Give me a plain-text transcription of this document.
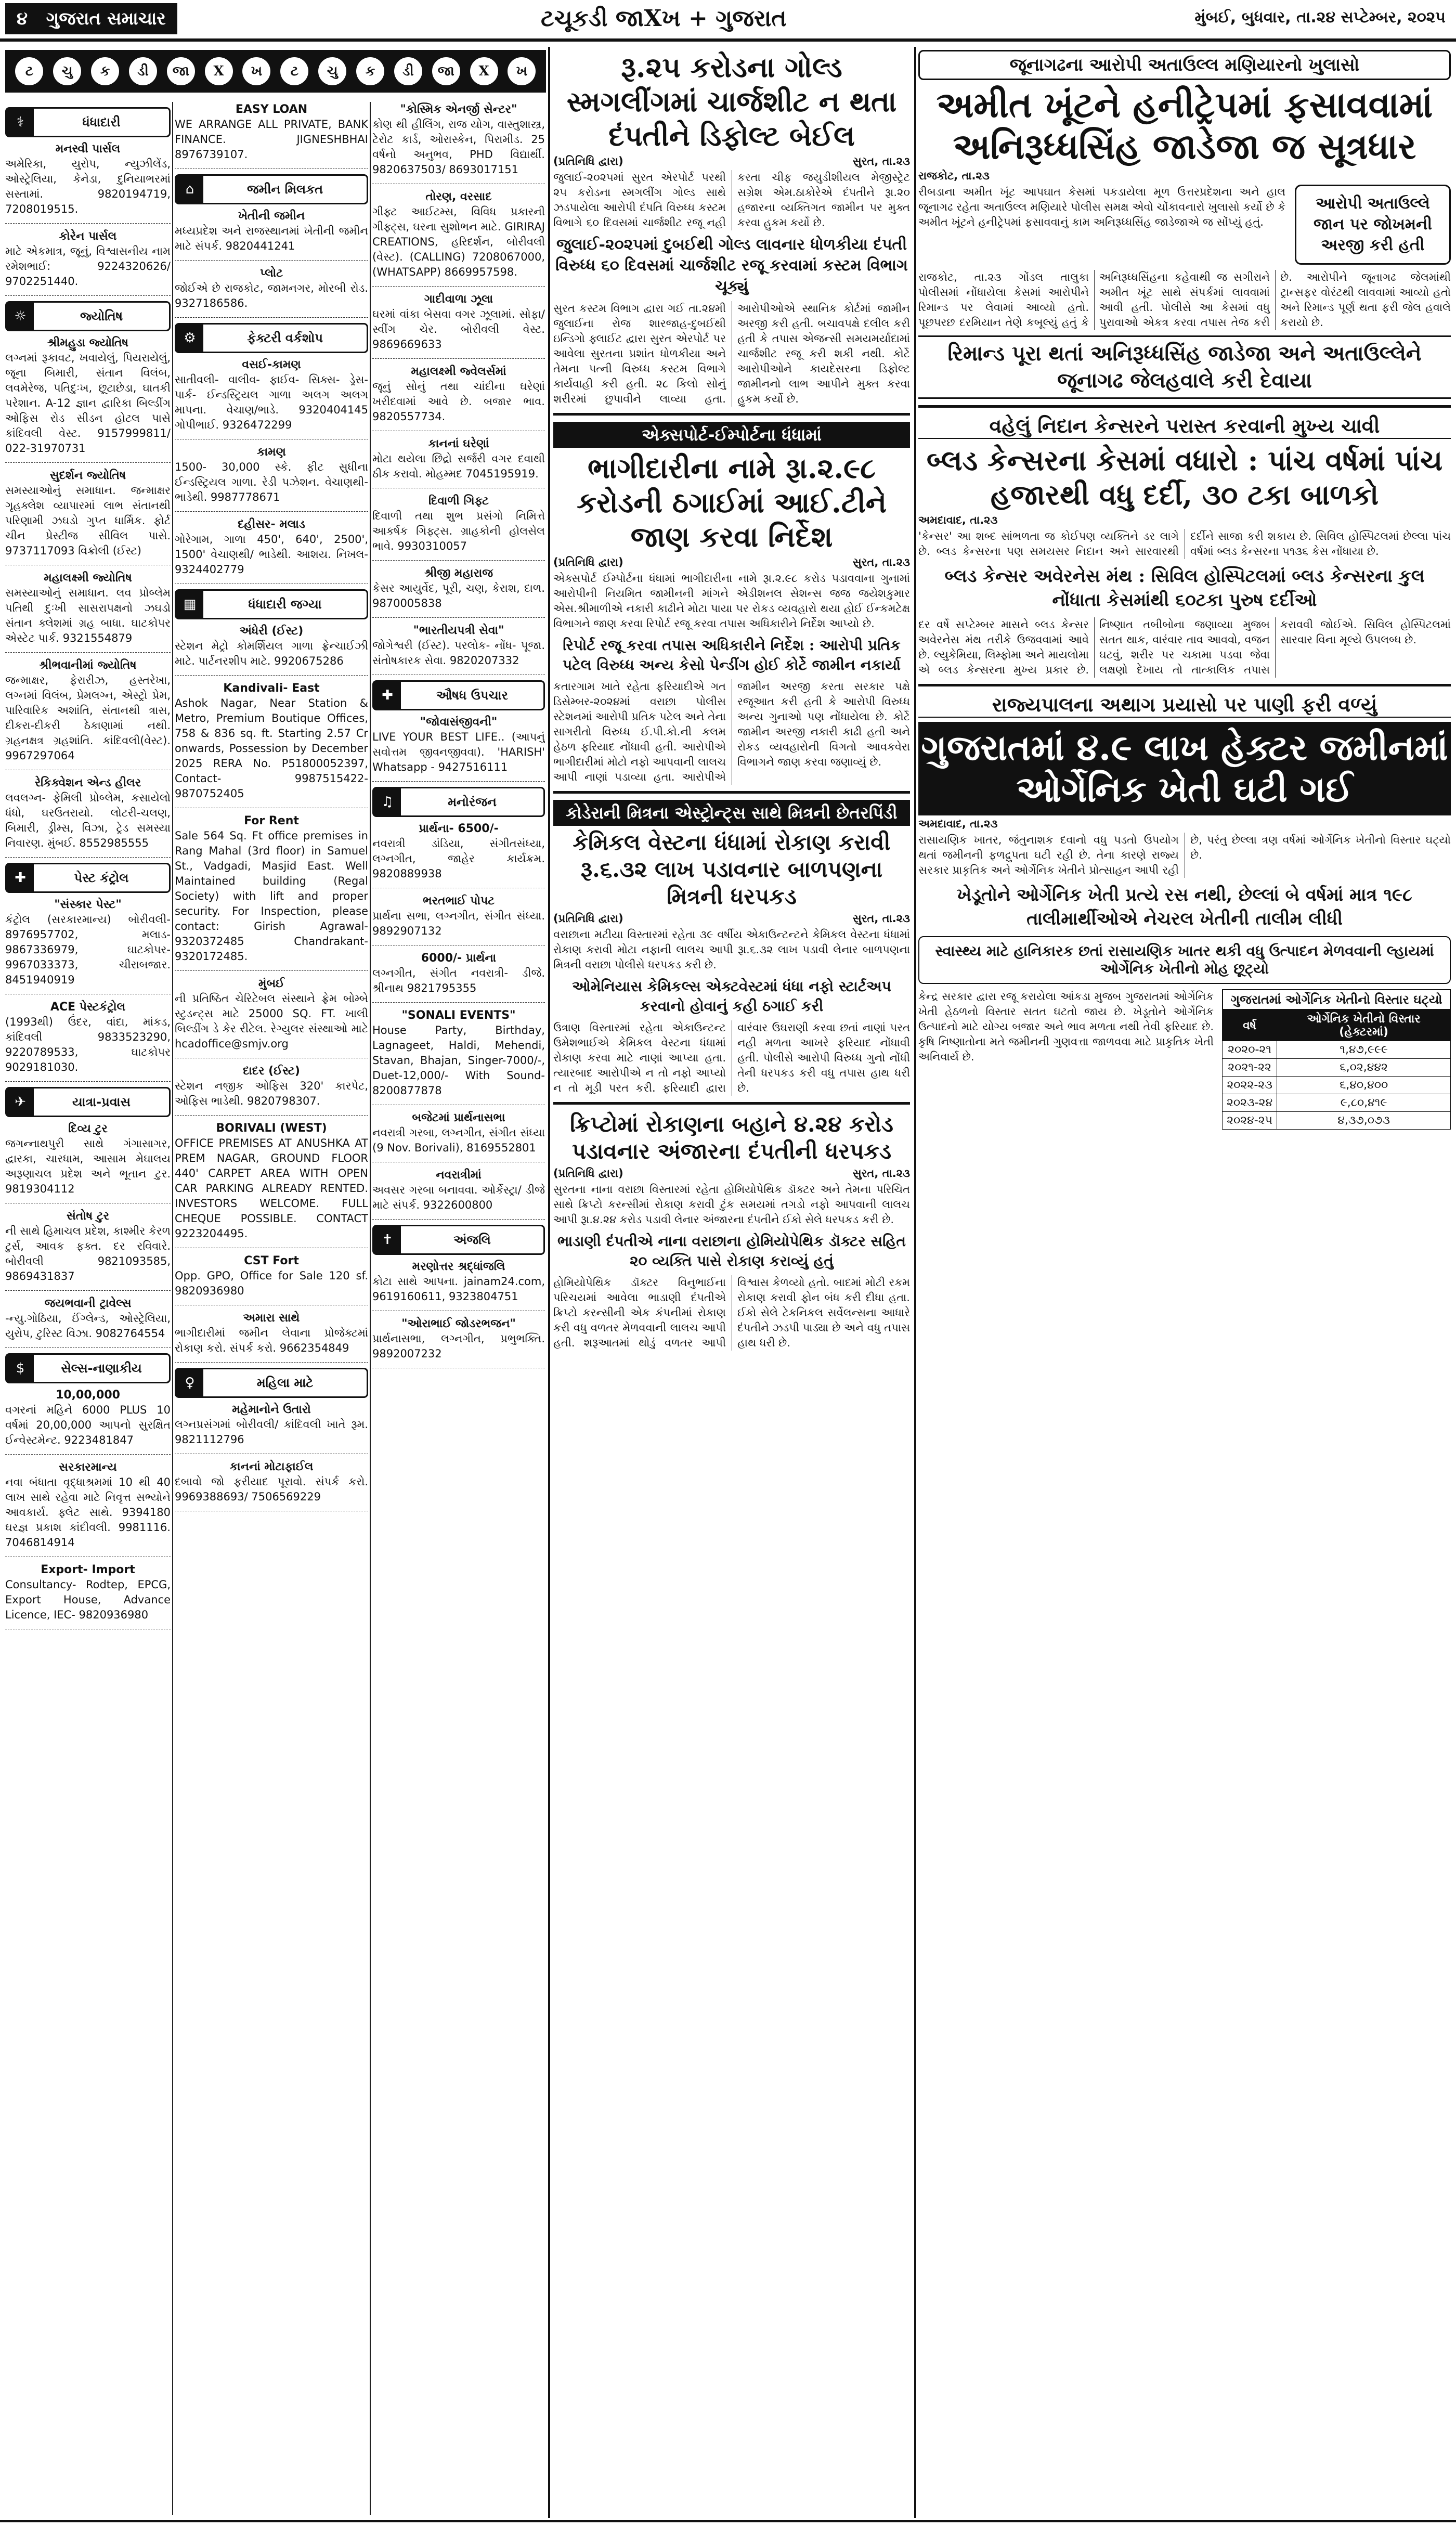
૪ ગુજરાત સમાચાર	ટચૂકડી જાXખ + ગુજરાત	મુંબઈ, બુધવાર, તા.૨૪ સપ્ટેમ્બર, ૨૦૨૫
ટ	ચુ	ક	ડી	જા	X	ખ	ટ	ચુ	ક	ડી	જા	X	ખ
⚕	ધંધાદારી
મનસ્વી પાર્સલ
અમેરિકા, યુરોપ, ન્યુઝીલેંડ, ઓસ્ટ્રેલિયા, કેનેડા, દુનિયાભરમાં સસ્તામાં. 9820194719, 7208019515.
કોરેન પાર્સલ
માટે એકમાત્ર, જૂનું, વિશ્વાસનીય નામ રમેશભાઈ: 9224320626/ 9702251440.
☼	જ્યોતિષ
શ્રીમહુડા જ્યોતિષ
લગ્નમાં રૂકાવટ, ખવાયેલું, પિયરાયેલું, જૂના બિમારી, સંતાન વિલંબ, લવમેરેજ, પતિદુઃખ, છૂટાછેડા, ઘાતકી પરેશાન. A-12 જ્ઞાન દ્વારિકા બિલ્ડીંગ ઓફિસ રોડ સીડન હોટલ પાસે કાંદિવલી વેસ્ટ. 9157999811/ 022-31970731
સુદર્શન જ્યોતિષ
સમસ્યાઓનું સમાધાન. જન્માક્ષર ગૃહક્લેશ વ્યાપારમાં લાભ સંતાનથી પરિણામી ઝઘડો ગુપ્ત ધાર્મિક. ફોર્ટ ચીન પ્રેસ્ટીજ સીવિલ પાસે. 9737117093 વિક્રોલી (ઈસ્ટ)
મહાલક્ષ્મી જ્યોતિષ
સમસ્યાઓનું સમાધાન. લવ પ્રોબ્લેમ પતિથી દુઃખી સાસરાપક્ષનો ઝઘડો સંતાન ક્લેશમાં ગ્રહ બાધા. ઘાટકોપર એસ્ટેટ પાર્ક. 9321554879
શ્રીભવાનીમાં જ્યોતિષ
જન્માક્ષર, ફેરારીઝ, હસ્તરેખા, લગ્નમાં વિલંબ, પ્રેમલગ્ન, એસ્ટ્રો પ્રેમ, પારિવારિક અશાંતિ, સંતાનથી ત્રાસ, દીકરા-દીકરી ઠેકાણામાં નથી. ગ્રહનક્ષત્ર ગ્રહશાંતિ. કાંદિવલી(વેસ્ટ). 9967297064
રેકિક્વેશન એન્ડ હીલર
લવલગ્ન- ફેમિલી પ્રોબ્લેમ, કસાયેલો ધંધો, ઘરઉતરાયો. લોટરી-ચલણ, બિમારી, ડ્રીમ્સ, વિઝા, ટ્રેડ સમસ્યા નિવારણ. મુંબઈ. 8552985555
✚	પેસ્ટ કંટ્રોલ
"સંસ્કાર પેસ્ટ"
કંટ્રોલ (સરકારમાન્ય) બોરીવલી- 8976957702, મલાડ- 9867336979, ઘાટકોપર- 9967033373, ચીરાબજાર. 8451940919
ACE પેસ્ટકંટ્રોલ
(1993થી) ઉંદર, વાંદા, માંકડ, કાંદિવલી 9833523290, 9220789533, ઘાટકોપર 9029181030.
✈	યાત્રા-પ્રવાસ
દિવ્ય ટુર
જગન્નાથપુરી સાથે ગંગાસાગર, દ્વારકા, ચારધામ, આસામ મેઘાલય અરૂણાચલ પ્રદેશ અને ભૂતાન ટુર. 9819304112
સંતોષ ટુર
ની સાથે હિમાચલ પ્રદેશ, કાશ્મીર કેરળ ટુર્સ, આવક ફક્ત. દર રવિવારે. બોરીવલી 9821093585, 9869431837
જયભવાની ટ્રાવેલ્સ
-ન્યુ.ગોઠિયા, ઈંગ્લેન્ડ, ઓસ્ટ્રેલિયા, યુરોપ, ટુરિસ્ટ વિઝા. 9082764554
$	સેલ્સ-નાણાકીય
10,00,000
વગરનાં મહિને 6000 PLUS 10 વર્ષમાં 20,00,000 આપનો સુરક્ષિત ઈન્વેસ્ટમેન્ટ. 9223481847
સરકારમાન્ય
નવા બંધાતા વૃદ્ધાશ્રમમાં 10 થી 40 લાખ સાથે રહેવા માટે નિવૃત્ત સભ્યોને આવકાર્ય. ફ્લેટ સાથે. 9394180 ઘરજ્ઞ પ્રકાશ કાંદીવલી. 9981116. 7046814914
Export- Import
Consultancy- Rodtep, EPCG, Export House, Advance Licence, IEC- 9820936980
EASY LOAN
WE ARRANGE ALL PRIVATE, BANK FINANCE. JIGNESHBHAI 8976739107.
⌂	જમીન મિલકત
ખેતીની જમીન
મધ્યપ્રદેશ અને રાજસ્થાનમાં ખેતીની જમીન માટે સંપર્ક. 9820441241
પ્લોટ
જોઈએ છે રાજકોટ, જામનગર, મોરબી રોડ. 9327186586.
⚙	ફેક્ટરી વર્કશોપ
વસઈ-કામણ
સાતીવલી- વાલીવ- ફાઈવ- સિક્સ- ડ્રેસ- પાર્ક- ઈન્ડસ્ટ્રિયલ ગાળા અલગ અલગ માપના. વેચાણ/ભાડે. 9320404145 ગોપીભાઈ. 9326472299
કામણ
1500- 30,000 સ્કે. ફીટ સુધીના ઈન્ડસ્ટ્રિયલ ગાળા. રેડી પઝેશન. વેચાણથી- ભાડેથી. 9987778671
દહીસર- મલાડ
ગોરેગામ, ગાળા 450', 640', 2500', 1500' વેચાણથી/ ભાડેથી. આશય. નિખલ- 9324402779
▦	ધંધાદારી જગ્યા
અંધેરી (ઈસ્ટ)
સ્ટેશન મેટ્રો કોમર્શિયલ ગાળા ફ્રેન્ચાઈઝી માટે. પાર્ટનરશીપ માટે. 9920675286
Kandivali- East
Ashok Nagar, Near Station & Metro, Premium Boutique Offices, 758 & 836 sq. ft. Starting 2.57 Cr onwards, Possession by December 2025 RERA No. P51800052397, Contact- 9987515422- 9870752405
For Rent
Sale 564 Sq. Ft office premises in Rang Mahal (3rd floor) in Samuel St., Vadgadi, Masjid East. Well Maintained building (Regal Society) with lift and proper security. For Inspection, please contact: Girish Agrawal- 9320372485 Chandrakant- 9320172485.
મુંબઈ
ની પ્રતિષ્ઠિત ચેરિટેબલ સંસ્થાને ફ્રેમ બોમ્બે સ્ટુડન્ટ્સ માટે 25000 SQ. FT. ખાલી બિલ્ડીંગ ડે કેર રીટેલ. રેગ્યુલર સંસ્થાઓ માટે hcadoffice@smjv.org
દાદર (ઈસ્ટ)
સ્ટેશન નજીક ઓફિસ 320' કારપેટ, ઓફિસ ભાડેથી. 9820798307.
BORIVALI (WEST)
OFFICE PREMISES AT ANUSHKA AT PREM NAGAR, GROUND FLOOR 440' CARPET AREA WITH OPEN CAR PARKING ALREADY RENTED. INVESTORS WELCOME. FULL CHEQUE POSSIBLE. CONTACT 9223204495.
CST Fort
Opp. GPO, Office for Sale 120 sf. 9820936980
અમારા સાથે
ભાગીદારીમાં જમીન લેવાના પ્રોજેક્ટમાં રોકાણ કરો. સંપર્ક કરો. 9662354849
♀	મહિલા માટે
મહેમાનોને ઉતારો
લગ્નપ્રસંગમાં બોરીવલી/ કાંદિવલી ખાતે રૂમ. 9821112796
કાનનાં મોટાફાઈલ
દબાવો જો ફરીયાદ પૂરાવો. સંપર્ક કરો. 9969388693/ 7506569229
"કોસ્મિક એનર્જી સેન્ટર"
કોણ થી હીલિંગ, રાજ યોગ, વાસ્તુશાસ્ત્ર, ટેરોટ કાર્ડ, ઓરાસ્કેન, પિરામીડ. 25 વર્ષનો અનુભવ, PHD વિદ્યાર્થી. 9820637503/ 8693017151
તોરણ, વરસાદ
ગીફ્ટ આઈટમ્સ, વિવિધ પ્રકારની ગીફ્ટ્સ, ઘરના સુશોભન માટે. GIRIRAJ CREATIONS, હરિદર્શન, બોરીવલી (વેસ્ટ). (CALLING) 7208067000, (WHATSAPP) 8669957598.
ગાદીવાળા ઝૂલા
ઘરમાં વાંકા બેસવા વગર ઝૂલામાં. સોફા/ સ્વીંગ ચેર. બોરીવલી વેસ્ટ. 9869669633
મહાલક્ષ્મી જ્વેલર્સમાં
જૂનું સોનું તથા ચાંદીના ઘરેણાં ખરીદવામાં આવે છે. બજાર ભાવ. 9820557734.
કાનનાં ઘરેણાં
મોટા થયેલા છિદ્રો સર્જરી વગર દવાથી ઠીક કરાવો. મોહમ્મદ 7045195919.
દિવાળી ગિફ્ટ
દિવાળી તથા શુભ પ્રસંગો નિમિત્તે આકર્ષક ગિફ્ટ્સ. ગ્રાહકોની હોલસેલ ભાવે. 9930310057
શ્રીજી મહારાજ
કેસર આયુર્વેદ, પૂરી, ચણ, કેરાશ, દાળ. 9870005838
"ભારતીયપત્રી સેવા"
જોગેશ્વરી (ઈસ્ટ). પરલોક- નોંધ- પૂજા. સંતોષકારક સેવા. 9820207332
✚	ઔષધ ઉપચાર
"જોવાસંજીવની"
LIVE YOUR BEST LIFE.. (આપનું સવોત્તમ જીવનજીવવા). 'HARISH' Whatsapp - 9427516111
♫	મનોરંજન
પ્રાર્થના- 6500/-
નવરાત્રી ડાંડિયા, સંગીતસંધ્યા, લગ્નગીત, જાહેર કાર્યક્રમ. 9820889938
ભરતભાઈ પોપટ
પ્રાર્થના સભા, લગ્નગીત, સંગીત સંધ્યા. 9892907132
6000/- પ્રાર્થના
લગ્નગીત, સંગીત નવરાત્રી- ડીજે. શ્રીનાથ 9821795355
"SONALI EVENTS"
House Party, Birthday, Lagnageet, Haldi, Mehendi, Stavan, Bhajan, Singer-7000/-, Duet-12,000/- With Sound- 8200877878
બજેટમાં પ્રાર્થનાસભા
નવરાત્રી ગરબા, લગ્નગીત, સંગીત સંધ્યા (9 Nov. Borivali), 8169552801
નવરાત્રીમાં
અવસર ગરબા બનાવવા. ઓર્કેસ્ટ્રા/ ડીજે માટે સંપર્ક. 9322600800
✝	અંજલિ
મરણોત્તર શ્રદ્ધાંજલિ
કોટા સાથે આપના. jainam24.com, 9619160611, 9323804751
"ઓરાભાઈ જોડરભજન"
પ્રાર્થનાસભા, લગ્નગીત, પ્રભુભક્તિ. 9892007232
રૂ.૨૫ કરોડના ગોલ્ડ સ્મગલીંગમાં ચાર્જશીટ ન થતા દંપતીને ડિફોલ્ટ બેઈલ
(પ્રતિનિધિ દ્વારા)	સુરત, તા.૨૩
જુલાઈ-૨૦૨૫માં સુરત એરપોર્ટ પરથી ૨૫ કરોડના સ્મગલીંગ ગોલ્ડ સાથે ઝડપાયેલા આરોપી દંપતિ વિરુધ્ધ કસ્ટમ વિભાગે ૬૦ દિવસમાં ચાર્જશીટ રજૂ નહી કરતા ચીફ જયુડીશીયલ મેજીસ્ટ્રેટ સગ્રેશ એમ.ઠાકોરેએ દંપતીને રૂા.૨૦ હજારના વ્યક્તિગત જામીન પર મુક્ત કરવા હુકમ કર્યો છે.
જુલાઈ-૨૦૨૫માં દુબઈથી ગોલ્ડ લાવનાર ધોળકીયા દંપતી વિરુધ્ધ ૬૦ દિવસમાં ચાર્જશીટ રજૂ કરવામાં કસ્ટમ વિભાગ ચૂક્યું
સુરત કસ્ટમ વિભાગ દ્વારા ગઈ તા.૨૪મી જુલાઈના રોજ શારજાહ-દુબઈથી ઇન્ડિગો ફ્લાઈટ દ્વારા સુરત એરપોર્ટ પર આવેલા સુરતના પ્રશાંત ધોળકીયા અને તેમના પત્ની વિરુધ્ધ કસ્ટમ વિભાગે કાર્યવાહી કરી હતી. ૨૮ કિલો સોનું શરીરમાં છુપાવીને લાવ્યા હતા. આરોપીઓએ સ્થાનિક કોર્ટમાં જામીન અરજી કરી હતી. બચાવપક્ષે દલીલ કરી હતી કે તપાસ એજન્સી સમયમર્યાદામાં ચાર્જશીટ રજૂ કરી શકી નથી. કોર્ટે આરોપીઓને કાયદેસરના ડિફોલ્ટ જામીનનો લાભ આપીને મુક્ત કરવા હુકમ કર્યો છે.
એક્સપોર્ટ-ઈમ્પોર્ટના ધંધામાં
ભાગીદારીના નામે રૂા.૨.૯૮ કરોડની ઠગાઈમાં આઈ.ટીને જાણ કરવા નિર્દેશ
(પ્રતિનિધિ દ્વારા)	સુરત, તા.૨૩
એક્સપોર્ટ ઈમ્પોર્ટના ધંધામાં ભાગીદારીના નામે રૂા.૨.૯૮ કરોડ પડાવવાના ગુનામાં આરોપીની નિયમિત જામીનની માંગને એડીશનલ સેશન્સ જજ જયેશકુમાર એસ.શ્રીમાળીએ નકારી કાઢીને મોટા પાયા પર રોકડ વ્યવહારો થયા હોઈ ઈન્કમટેક્ષ વિભાગને જાણ કરવા રિપોર્ટ રજૂ કરવા તપાસ અધિકારીને નિર્દેશ આપ્યો છે.
રિપોર્ટ રજૂ કરવા તપાસ અધિકારીને નિર્દેશ : આરોપી પ્રતિક પટેલ વિરુધ્ધ અન્ય કેસો પેન્ડીંગ હોઈ કોર્ટે જામીન નકાર્યા
કતારગામ ખાતે રહેતા ફરિયાદીએ ગત ડિસેમ્બર-૨૦૨૪માં વરાછા પોલીસ સ્ટેશનમાં આરોપી પ્રતિક પટેલ અને તેના સાગરીતો વિરુધ્ધ ઈ.પી.કો.ની કલમ હેઠળ ફરિયાદ નોંધાવી હતી. આરોપીએ ભાગીદારીમાં મોટો નફો આપવાની લાલચ આપી નાણાં પડાવ્યા હતા. આરોપીએ જામીન અરજી કરતા સરકાર પક્ષે રજૂઆત કરી હતી કે આરોપી વિરુધ્ધ અન્ય ગુનાઓ પણ નોંધાયેલા છે. કોર્ટે જામીન અરજી નકારી કાઢી હતી અને રોકડ વ્યવહારોની વિગતો આવકવેરા વિભાગને જાણ કરવા જણાવ્યું છે.
કોડેરાની મિત્રના એસ્ટ્રોન્ટ્સ સાથે મિત્રની છેતરપિંડી
કેમિકલ વેસ્ટના ધંધામાં રોકાણ કરાવી રૂ.૬.૩૨ લાખ પડાવનાર બાળપણના મિત્રની ધરપકડ
(પ્રતિનિધિ દ્વારા)	સુરત, તા.૨૩
વરાછાના મટીયા વિસ્તારમાં રહેતા ૩૯ વર્ષીય એકાઉન્ટન્ટને કેમિકલ વેસ્ટના ધંધામાં રોકાણ કરાવી મોટા નફાની લાલચ આપી રૂા.૬.૩૨ લાખ પડાવી લેનાર બાળપણના મિત્રની વરાછા પોલીસે ધરપકડ કરી છે.
ઓમેનિયાસ કેમિકલ્સ એક્ટવેસ્ટમાં ધંધા નફો સ્ટાર્ટઅપ કરવાનો હોવાનું કહી ઠગાઈ કરી
ઉત્રાણ વિસ્તારમાં રહેતા એકાઉન્ટન્ટ ઉમેશભાઈએ કેમિકલ વેસ્ટના ધંધામાં રોકાણ કરવા માટે નાણાં આપ્યા હતા. ત્યારબાદ આરોપીએ ન તો નફો આપ્યો ન તો મૂડી પરત કરી. ફરિયાદી દ્વારા વારંવાર ઉઘરાણી કરવા છતાં નાણાં પરત નહી મળતા આખરે ફરિયાદ નોંધાવી હતી. પોલીસે આરોપી વિરુધ્ધ ગુનો નોંધી તેની ધરપકડ કરી વધુ તપાસ હાથ ધરી છે.
ક્રિપ્ટોમાં રોકાણના બહાને ૪.૨૪ કરોડ પડાવનાર અંજારના દંપતીની ધરપકડ
(પ્રતિનિધિ દ્વારા)	સુરત, તા.૨૩
સુરતના નાના વરાછા વિસ્તારમાં રહેતા હોમિયોપેથિક ડૉક્ટર અને તેમના પરિચિત સાથે ક્રિપ્ટો કરન્સીમાં રોકાણ કરાવી ટુંક સમયમાં તગડો નફો આપવાની લાલચ આપી રૂા.૪.૨૪ કરોડ પડાવી લેનાર અંજારના દંપતીને ઈકો સેલે ધરપકડ કરી છે.
ભાડાણી દંપતીએ નાના વરાછાના હોમિયોપેથિક ડૉક્ટર સહિત ૨૦ વ્યક્તિ પાસે રોકાણ કરાવ્યું હતું
હોમિયોપેથિક ડૉક્ટર વિનુભાઈના પરિચયમાં આવેલા ભાડાણી દંપતીએ ક્રિપ્ટો કરન્સીની એક કંપનીમાં રોકાણ કરી વધુ વળતર મેળવવાની લાલચ આપી હતી. શરૂઆતમાં થોડું વળતર આપી વિશ્વાસ કેળવ્યો હતો. બાદમાં મોટી રકમ રોકાણ કરાવી ફોન બંધ કરી દીધા હતા. ઈકો સેલે ટેકનિકલ સર્વેલન્સના આધારે દંપતીને ઝડપી પાડ્યા છે અને વધુ તપાસ હાથ ધરી છે.
જૂનાગઢના આરોપી અતાઉલ્લ મણિયારનો ખુલાસો
અમીત ખૂંટને હનીટ્રેપમાં ફસાવવામાં અનિરૂધ્ધસિંહ જાડેજા જ સૂત્રધાર
રાજકોટ, તા.૨૩
રીબડાના અમીત ખૂંટ આપઘાત કેસમાં પકડાયેલા મૂળ ઉત્તરપ્રદેશના અને હાલ જૂનાગઢ રહેતા અતાઉલ્લ મણિયારે પોલીસ સમક્ષ એવો ચોંકાવનારો ખુલાસો કર્યો છે કે અમીત ખૂંટને હનીટ્રેપમાં ફસાવવાનું કામ અનિરૂધ્ધસિંહ જાડેજાએ જ સોંપ્યું હતું.
આરોપી અતાઉલ્લે જાન પર જોખમની અરજી કરી હતી
રાજકોટ, તા.૨૩ ગોંડલ તાલુકા પોલીસમાં નોંધાયેલા કેસમાં આરોપીને રિમાન્ડ પર લેવામાં આવ્યો હતો. પૂછપરછ દરમિયાન તેણે કબૂલ્યું હતું કે અનિરૂધ્ધસિંહના કહેવાથી જ સગીરાને અમીત ખૂંટ સાથે સંપર્કમાં લાવવામાં આવી હતી. પોલીસે આ કેસમાં વધુ પુરાવાઓ એકત્ર કરવા તપાસ તેજ કરી છે. આરોપીને જૂનાગઢ જેલમાંથી ટ્રાન્સફર વોરંટથી લાવવામાં આવ્યો હતો અને રિમાન્ડ પૂર્ણ થતા ફરી જેલ હવાલે કરાયો છે.
રિમાન્ડ પૂરા થતાં અનિરૂધ્ધસિંહ જાડેજા અને અતાઉલ્લેને જૂનાગઢ જેલહવાલે કરી દેવાયા
વહેલું નિદાન કેન્સરને પરાસ્ત કરવાની મુખ્ય ચાવી
બ્લડ કેન્સરના કેસમાં વધારો : પાંચ વર્ષમાં પાંચ હજારથી વધુ દર્દી, ૩૦ ટકા બાળકો
અમદાવાદ, તા.૨૩
'કેન્સર' આ શબ્દ સાંભળતા જ કોઈપણ વ્યક્તિને ડર લાગે છે. બ્લડ કેન્સરના પણ સમયસર નિદાન અને સારવારથી દર્દીને સાજા કરી શકાય છે. સિવિલ હોસ્પિટલમાં છેલ્લા પાંચ વર્ષમાં બ્લડ કેન્સરના ૫૧૩૬ કેસ નોંધાયા છે.
બ્લડ કેન્સર અવેરનેસ મંથ : સિવિલ હોસ્પિટલમાં બ્લડ કેન્સરના કુલ નોંધાતા કેસમાંથી ૬૦ટકા પુરુષ દર્દીઓ
દર વર્ષે સપ્ટેમ્બર માસને બ્લડ કેન્સર અવેરનેસ મંથ તરીકે ઉજવવામાં આવે છે. લ્યુકેમિયા, લિમ્ફોમા અને માયલોમા એ બ્લડ કેન્સરના મુખ્ય પ્રકાર છે. નિષ્ણાત તબીબોના જણાવ્યા મુજબ સતત થાક, વારંવાર તાવ આવવો, વજન ઘટવું, શરીર પર ચકામા પડવા જેવા લક્ષણો દેખાય તો તાત્કાલિક તપાસ કરાવવી જોઈએ. સિવિલ હોસ્પિટલમાં સારવાર વિના મૂલ્યે ઉપલબ્ધ છે.
રાજ્યપાલના અથાગ પ્રયાસો પર પાણી ફરી વળ્યું
ગુજરાતમાં ૪.૯ લાખ હેક્ટર જમીનમાં ઓર્ગેનિક ખેતી ઘટી ગઈ
અમદાવાદ, તા.૨૩
રાસાયણિક ખાતર, જંતુનાશક દવાનો વધુ પડતો ઉપયોગ થતાં જમીનની ફળદ્રુપતા ઘટી રહી છે. તેના કારણે રાજ્ય સરકાર પ્રાકૃતિક અને ઓર્ગેનિક ખેતીને પ્રોત્સાહન આપી રહી છે, પરંતુ છેલ્લા ત્રણ વર્ષમાં ઓર્ગેનિક ખેતીનો વિસ્તાર ઘટ્યો છે.
ખેડૂતોને ઓર્ગેનિક ખેતી પ્રત્યે રસ નથી, છેલ્લાં બે વર્ષમાં માત્ર ૧૯૮ તાલીમાર્થીઓએ નેચરલ ખેતીની તાલીમ લીધી
સ્વાસ્થ્ય માટે હાનિકારક છતાં રાસાયણિક ખાતર થકી વધુ ઉત્પાદન મેળવવાની લ્હાયમાં ઓર્ગેનિક ખેતીનો મોહ છૂટ્યો
કેન્દ્ર સરકાર દ્વારા રજૂ કરાયેલા આંકડા મુજબ ગુજરાતમાં ઓર્ગેનિક ખેતી હેઠળનો વિસ્તાર સતત ઘટતો જાય છે. ખેડૂતોને ઓર્ગેનિક ઉત્પાદનો માટે યોગ્ય બજાર અને ભાવ મળતા નથી તેવી ફરિયાદ છે. કૃષિ નિષ્ણાતોના મતે જમીનની ગુણવત્તા જાળવવા માટે પ્રાકૃતિક ખેતી અનિવાર્ય છે.
ગુજરાતમાં ઓર્ગેનિક ખેતીનો વિસ્તાર ઘટ્યો
વર્ષ	ઓર્ગેનિક ખેતીનો વિસ્તાર (હેક્ટરમાં)
૨૦૨૦-૨૧	૧,૪૭,૯૯૯
૨૦૨૧-૨૨	૬,૦૨,૪૪૨
૨૦૨૨-૨૩	૬,૪૦,૪૦૦
૨૦૨૩-૨૪	૯,૮૦,૪૧૯
૨૦૨૪-૨૫	૪,૩૭,૦૭૩
